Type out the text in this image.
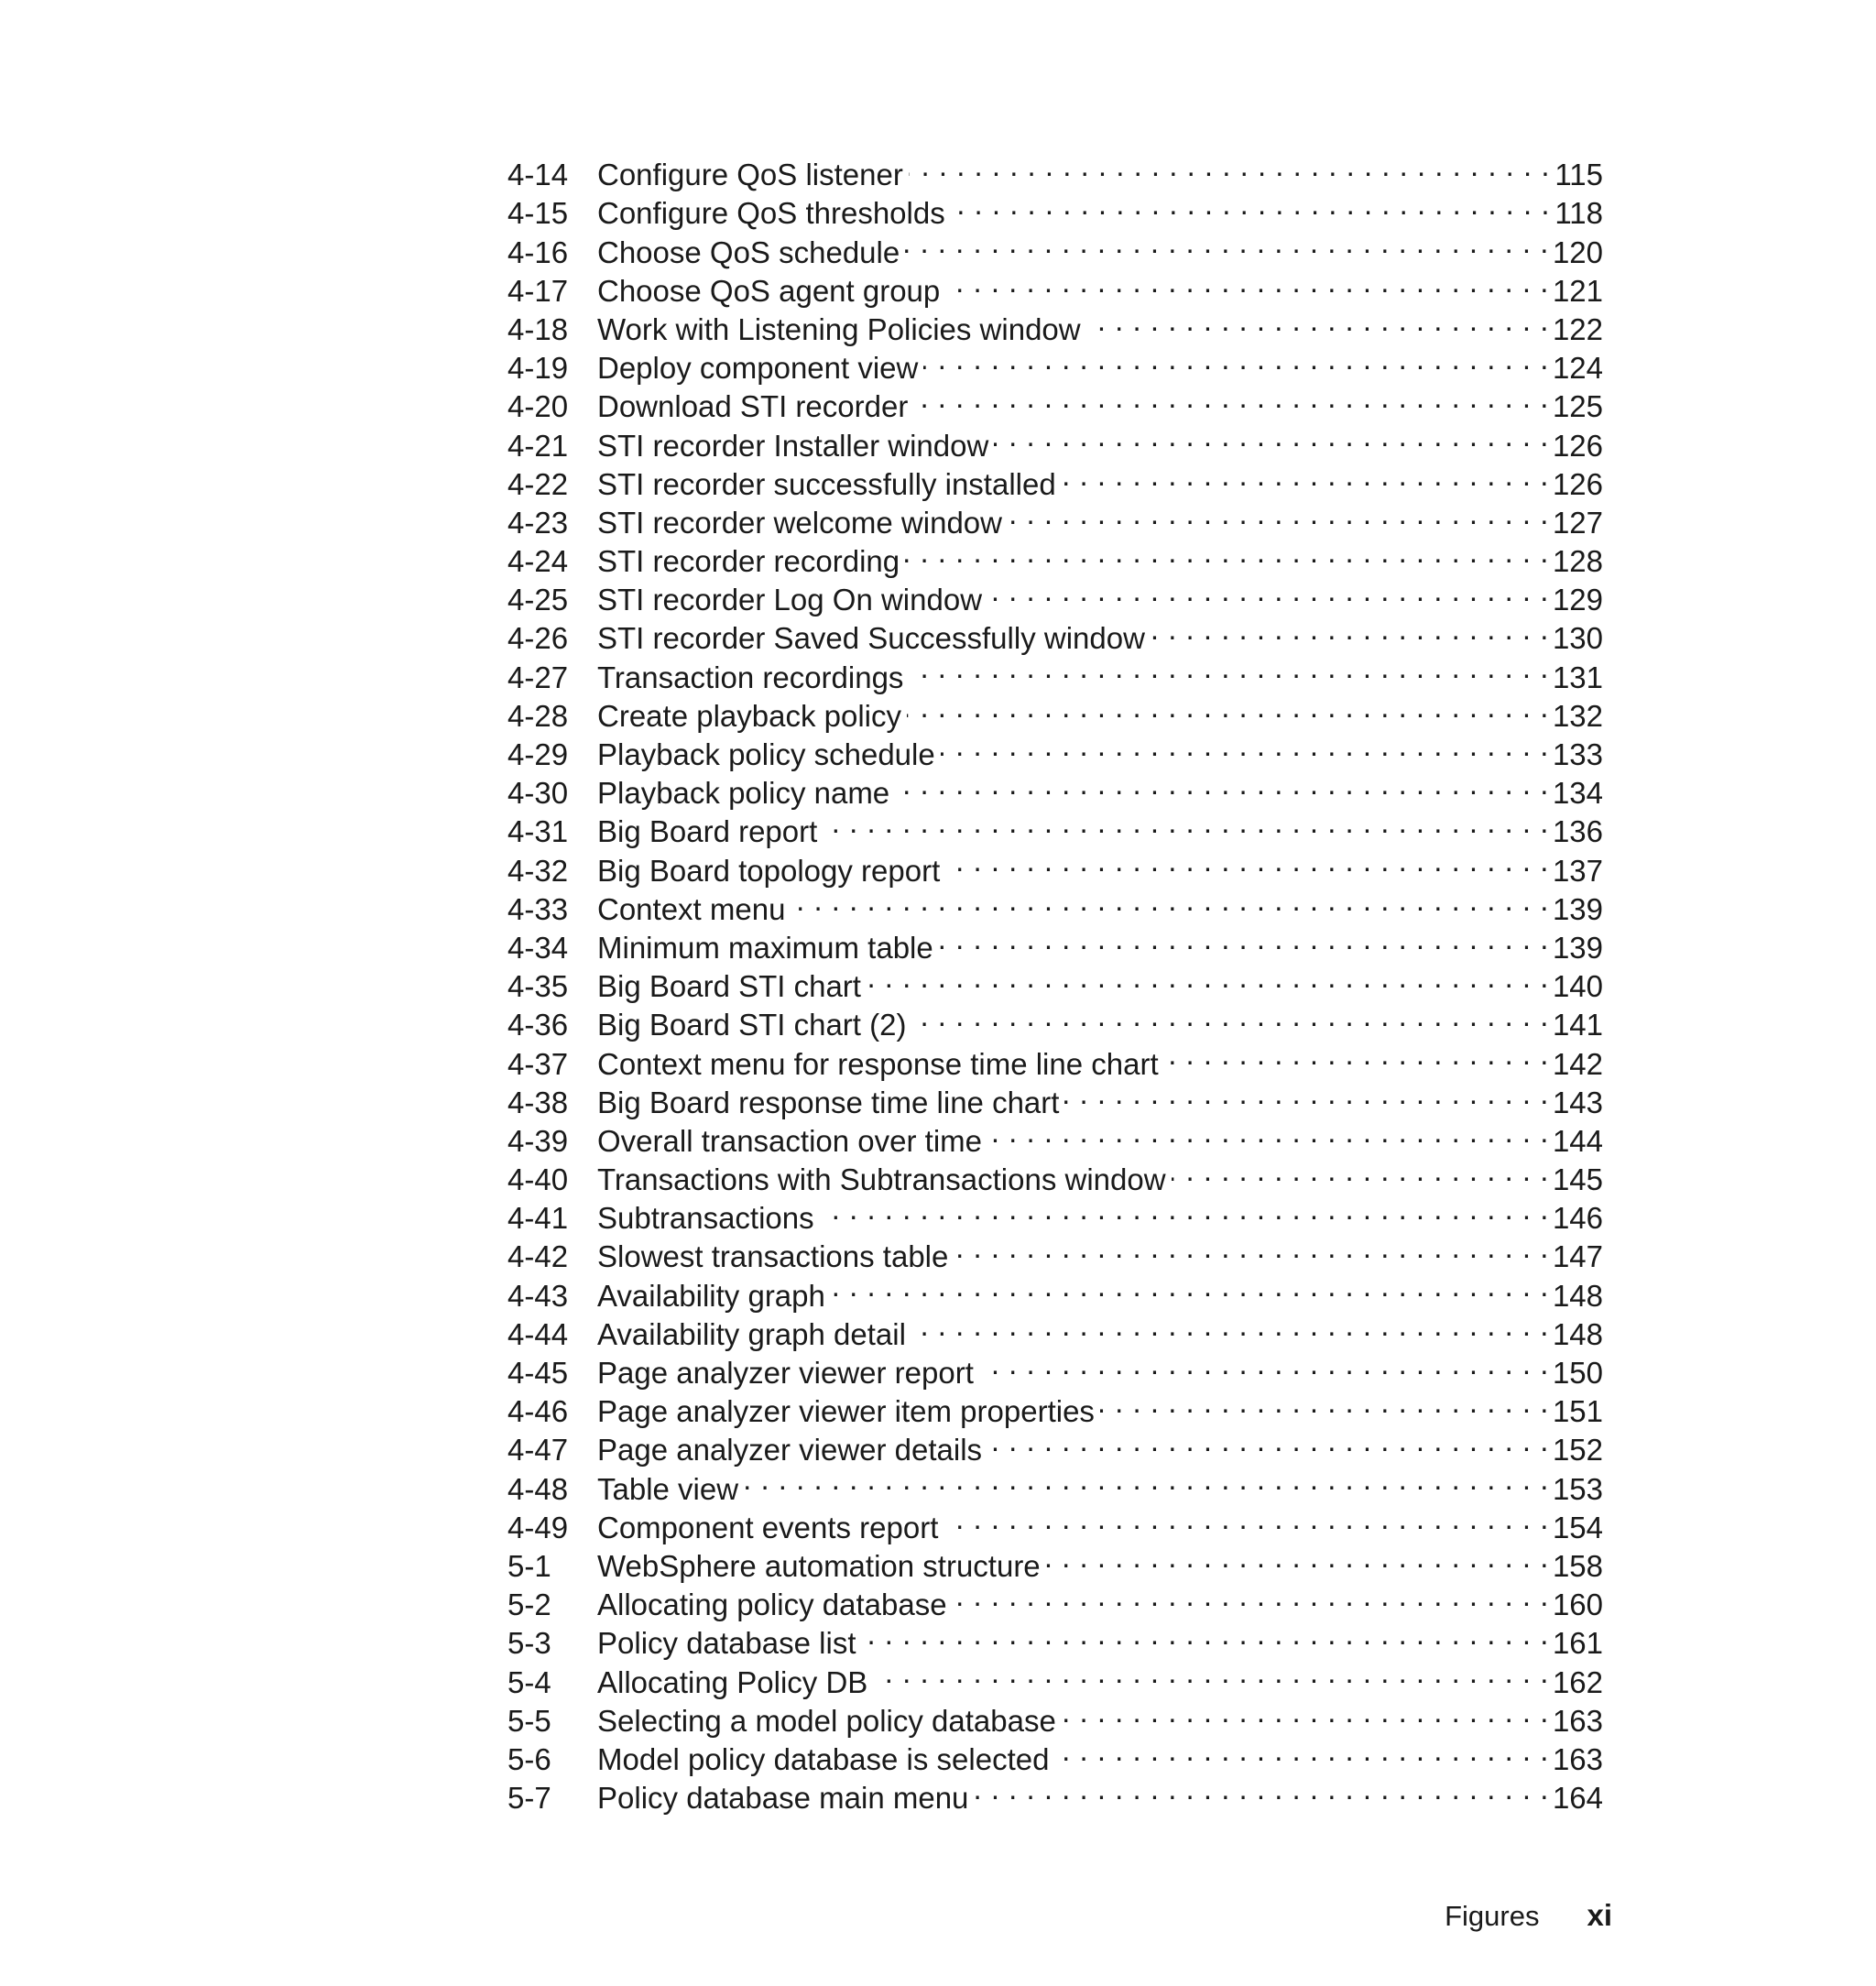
4-14 Configure QoS listener . . .	115
4-15 Configure QoS thresholds . . .	118
4-16 Choose QoS schedule . . .	120
4-17 Choose QoS agent group . . .	121
4-18 Work with Listening Policies window . . .	122
4-19 Deploy component view . . .	124
4-20 Download STI recorder . . .	125
4-21 STI recorder Installer window . . .	126
4-22 STI recorder successfully installed . . .	126
4-23 STI recorder welcome window . . .	127
4-24 STI recorder recording . . .	128
4-25 STI recorder Log On window . . .	129
4-26 STI recorder Saved Successfully window . . .	130
4-27 Transaction recordings . . .	131
4-28 Create playback policy . . .	132
4-29 Playback policy schedule . . .	133
4-30 Playback policy name . . .	134
4-31 Big Board report . . .	136
4-32 Big Board topology report . . .	137
4-33 Context menu . . .	139
4-34 Minimum maximum table . . .	139
4-35 Big Board STI chart . . .	140
4-36 Big Board STI chart (2) . . .	141
4-37 Context menu for response time line chart . . .	142
4-38 Big Board response time line chart . . .	143
4-39 Overall transaction over time . . .	144
4-40 Transactions with Subtransactions window . . .	145
4-41 Subtransactions . . .	146
4-42 Slowest transactions table . . .	147
4-43 Availability graph . . .	148
4-44 Availability graph detail . . .	148
4-45 Page analyzer viewer report . . .	150
4-46 Page analyzer viewer item properties . . .	151
4-47 Page analyzer viewer details . . .	152
4-48 Table view . . .	153
4-49 Component events report . . .	154
5-1	WebSphere automation structure . . .	158
5-2	Allocating policy database . . .	160
5-3	Policy database list . . .	161
5-4	Allocating Policy DB . . .	162
5-5	Selecting a model policy database . . .	163
5-6	Model policy database is selected . . .	163
5-7	Policy database main menu . . .	164
Figures xi
